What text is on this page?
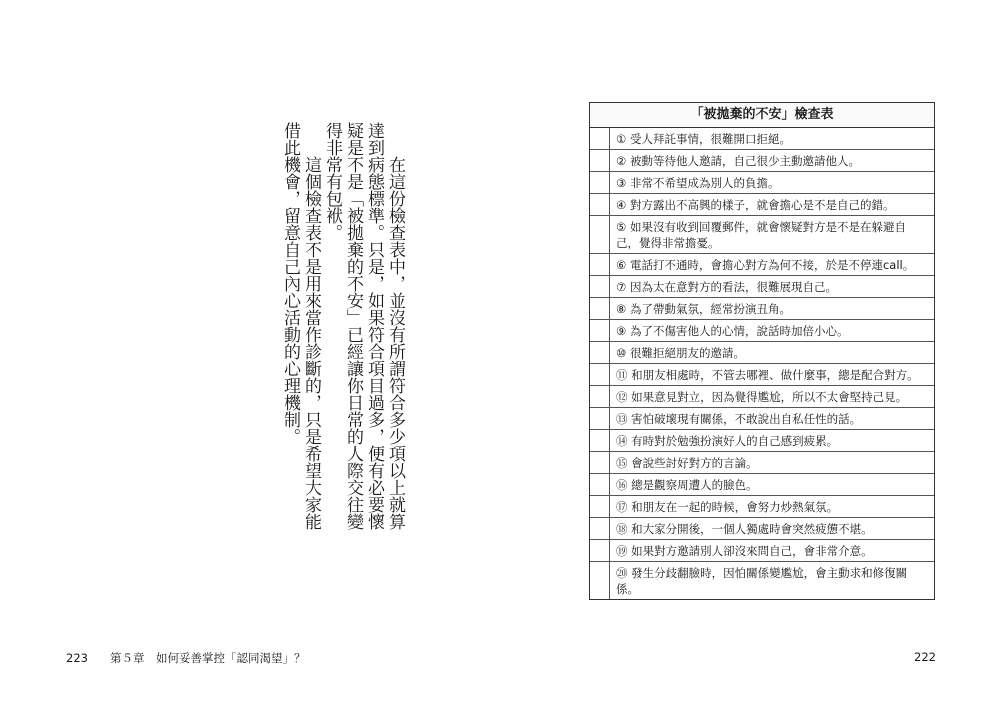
在這份檢查表中，並沒有所謂符合多少項以上就算達到病態標準。只是，如果符合項目過多，便有必要懷疑是不是「被拋棄的不安」已經讓你日常的人際交往變得非常有包袱。

這個檢查表不是用來當作診斷的，只是希望大家能借此機會，留意自己內心活動的心理機制。

「被拋棄的不安」檢查表
① 受人拜託事情，很難開口拒絕。
② 被動等待他人邀請，自己很少主動邀請他人。
③ 非常不希望成為別人的負擔。
④ 對方露出不高興的樣子，就會擔心是不是自己的錯。
⑤ 如果沒有收到回覆郵件，就會懷疑對方是不是在躲避自己，覺得非常擔憂。
⑥ 電話打不通時，會擔心對方為何不接，於是不停連call。
⑦ 因為太在意對方的看法，很難展現自己。
⑧ 為了帶動氣氛，經常扮演丑角。
⑨ 為了不傷害他人的心情，說話時加倍小心。
⑩ 很難拒絕朋友的邀請。
⑪ 和朋友相處時，不管去哪裡、做什麼事，總是配合對方。
⑫ 如果意見對立，因為覺得尷尬，所以不太會堅持己見。
⑬ 害怕破壞現有關係，不敢說出自私任性的話。
⑭ 有時對於勉強扮演好人的自己感到疲累。
⑮ 會說些討好對方的言論。
⑯ 總是觀察周遭人的臉色。
⑰ 和朋友在一起的時候，會努力炒熱氣氛。
⑱ 和大家分開後，一個人獨處時會突然疲憊不堪。
⑲ 如果對方邀請別人卻沒來問自己，會非常介意。
⑳ 發生分歧翻臉時，因怕關係變尷尬，會主動求和修復關係。
223 第５章　如何妥善掌控「認同渴望」？	222
